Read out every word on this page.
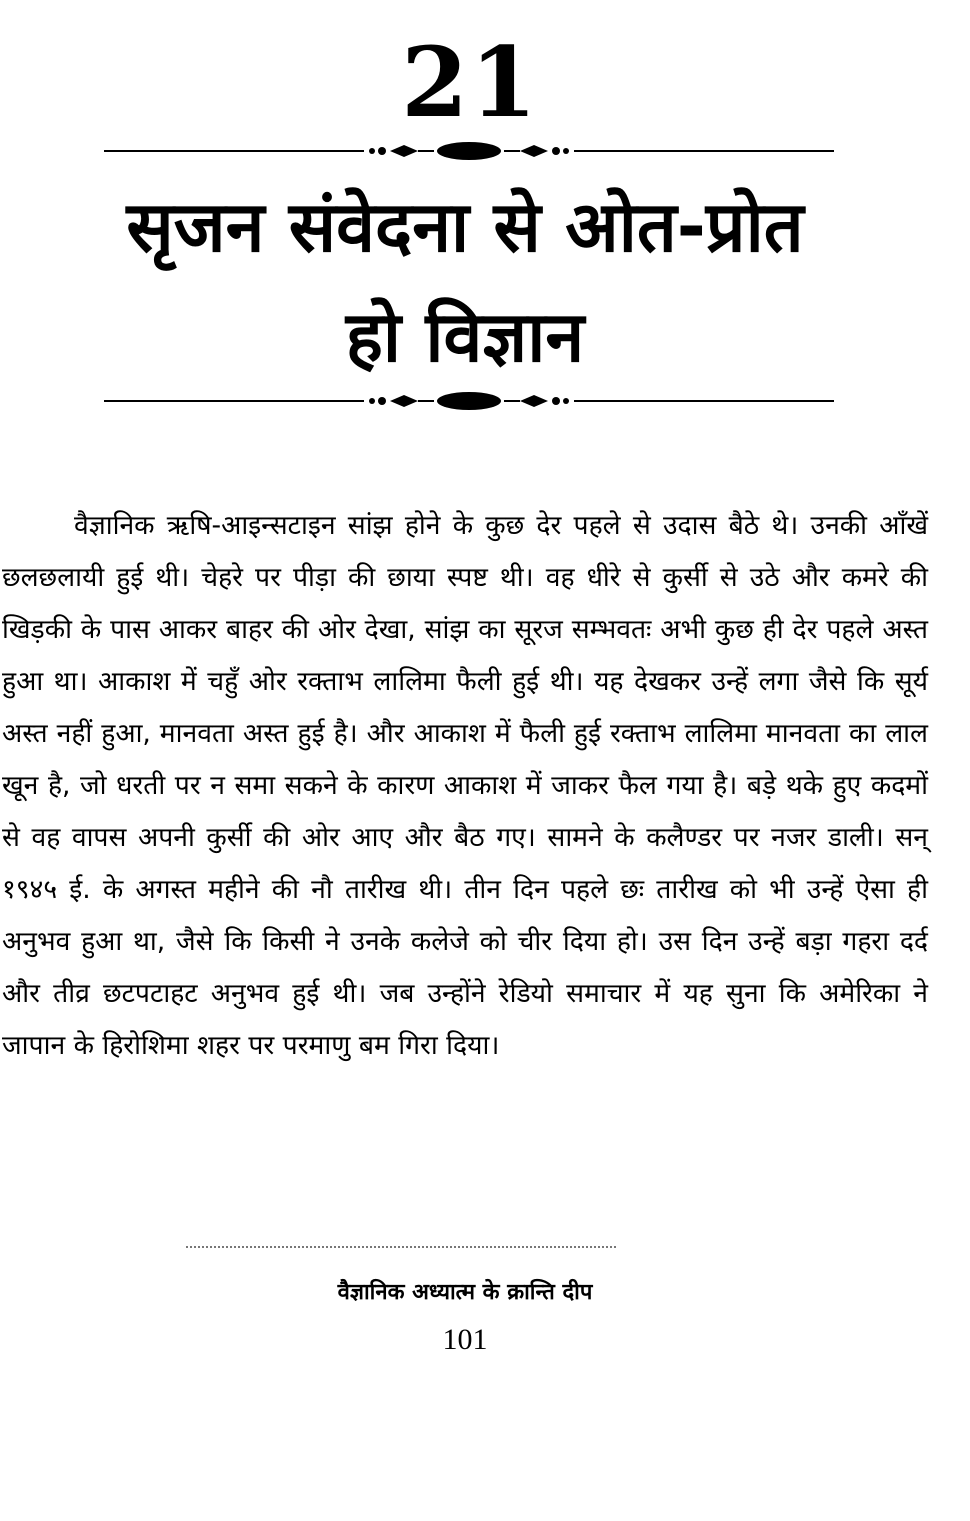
21
सृजन संवेदना से ओत-प्रोत
हो विज्ञान

वैज्ञानिक ऋषि-आइन्सटाइन सांझ होने के कुछ देर पहले से उदास बैठे थे। उनकी आँखें छलछलायी हुई थी। चेहरे पर पीड़ा की छाया स्पष्ट थी। वह धीरे से कुर्सी से उठे और कमरे की खिड़की के पास आकर बाहर की ओर देखा, सांझ का सूरज सम्भवतः अभी कुछ ही देर पहले अस्त हुआ था। आकाश में चहुँ ओर रक्ताभ लालिमा फैली हुई थी। यह देखकर उन्हें लगा जैसे कि सूर्य अस्त नहीं हुआ, मानवता अस्त हुई है। और आकाश में फैली हुई रक्ताभ लालिमा मानवता का लाल खून है, जो धरती पर न समा सकने के कारण आकाश में जाकर फैल गया है। बड़े थके हुए कदमों से वह वापस अपनी कुर्सी की ओर आए और बैठ गए। सामने के कलैण्डर पर नजर डाली। सन् १९४५ ई. के अगस्त महीने की नौ तारीख थी। तीन दिन पहले छः तारीख को भी उन्हें ऐसा ही अनुभव हुआ था, जैसे कि किसी ने उनके कलेजे को चीर दिया हो। उस दिन उन्हें बड़ा गहरा दर्द और तीव्र छटपटाहट अनुभव हुई थी। जब उन्होंने रेडियो समाचार में यह सुना कि अमेरिका ने जापान के हिरोशिमा शहर पर परमाणु बम गिरा दिया।

वैज्ञानिक अध्यात्म के क्रान्ति दीप
101
